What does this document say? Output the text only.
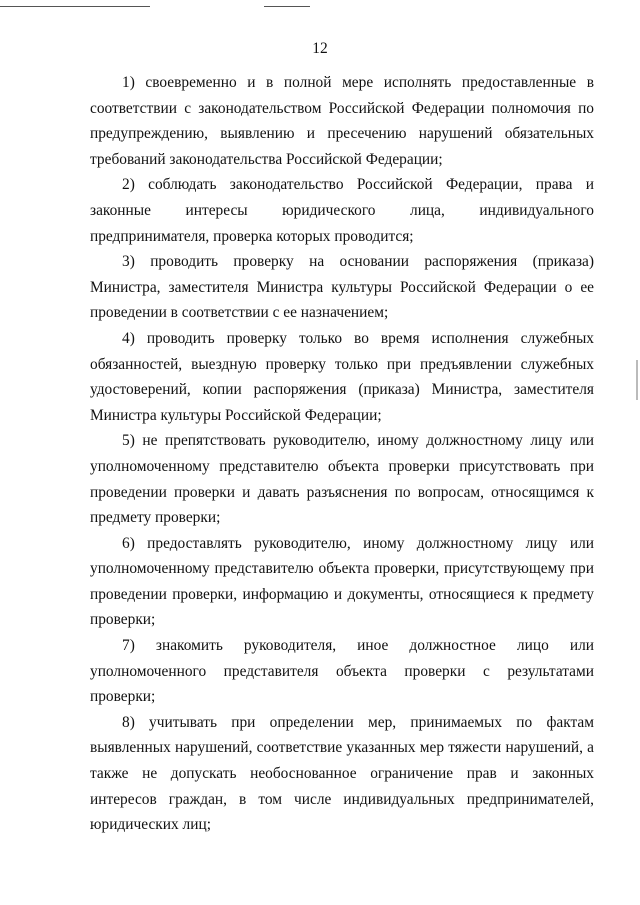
12

1) своевременно и в полной мере исполнять предоставленные в соответствии с законодательством Российской Федерации полномочия по предупреждению, выявлению и пресечению нарушений обязательных требований законодательства Российской Федерации;

2) соблюдать законодательство Российской Федерации, права и законные интересы юридического лица, индивидуального предпринимателя, проверка которых проводится;

3) проводить проверку на основании распоряжения (приказа) Министра, заместителя Министра культуры Российской Федерации о ее проведении в соответствии с ее назначением;

4) проводить проверку только во время исполнения служебных обязанностей, выездную проверку только при предъявлении служебных удостоверений, копии распоряжения (приказа) Министра, заместителя Министра культуры Российской Федерации;

5) не препятствовать руководителю, иному должностному лицу или уполномоченному представителю объекта проверки присутствовать при проведении проверки и давать разъяснения по вопросам, относящимся к предмету проверки;

6) предоставлять руководителю, иному должностному лицу или уполномоченному представителю объекта проверки, присутствующему при проведении проверки, информацию и документы, относящиеся к предмету проверки;

7) знакомить руководителя, иное должностное лицо или уполномоченного представителя объекта проверки с результатами проверки;

8) учитывать при определении мер, принимаемых по фактам выявленных нарушений, соответствие указанных мер тяжести нарушений, а также не допускать необоснованное ограничение прав и законных интересов граждан, в том числе индивидуальных предпринимателей, юридических лиц;
